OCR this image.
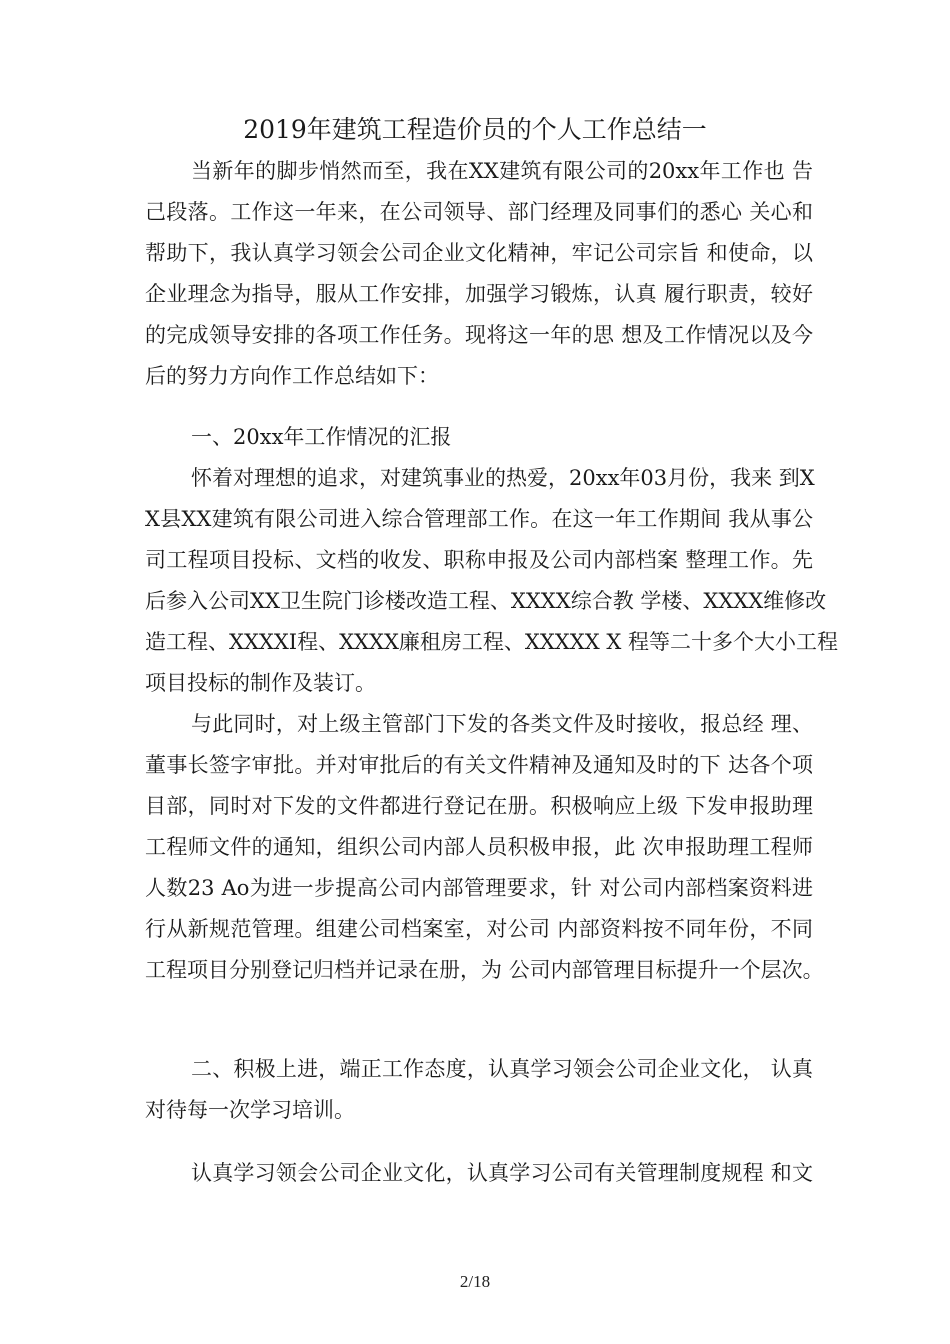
2019年建筑工程造价员的个人工作总结一
当新年的脚步悄然而至，我在XX建筑有限公司的20xx年工作也 告
己段落。工作这一年来，在公司领导、部门经理及同事们的悉心 关心和
帮助下，我认真学习领会公司企业文化精神，牢记公司宗旨 和使命，以
企业理念为指导，服从工作安排，加强学习锻炼，认真 履行职责，较好
的完成领导安排的各项工作任务。现将这一年的思 想及工作情况以及今
后的努力方向作工作总结如下：
一、20xx年工作情况的汇报
怀着对理想的追求，对建筑事业的热爱，20xx年03月份，我来 到X
X县XX建筑有限公司进入综合管理部工作。在这一年工作期间 我从事公
司工程项目投标、文档的收发、职称申报及公司内部档案 整理工作。先
后参入公司XX卫生院门诊楼改造工程、XXXX综合教 学楼、XXXX维修改
造工程、XXXXI程、XXXX廉租房工程、XXXXX X 程等二十多个大小工程
项目投标的制作及装订。
与此同时，对上级主管部门下发的各类文件及时接收，报总经 理、
董事长签字审批。并对审批后的有关文件精神及通知及时的下 达各个项
目部，同时对下发的文件都进行登记在册。积极响应上级 下发申报助理
工程师文件的通知，组织公司内部人员积极申报，此 次申报助理工程师
人数23 Ao为进一步提高公司内部管理要求，针 对公司内部档案资料进
行从新规范管理。组建公司档案室，对公司 内部资料按不同年份，不同
工程项目分别登记归档并记录在册，为 公司内部管理目标提升一个层次。
二、积极上进，端正工作态度，认真学习领会公司企业文化， 认真
对待每一次学习培训。
认真学习领会公司企业文化，认真学习公司有关管理制度规程 和文
2/18
